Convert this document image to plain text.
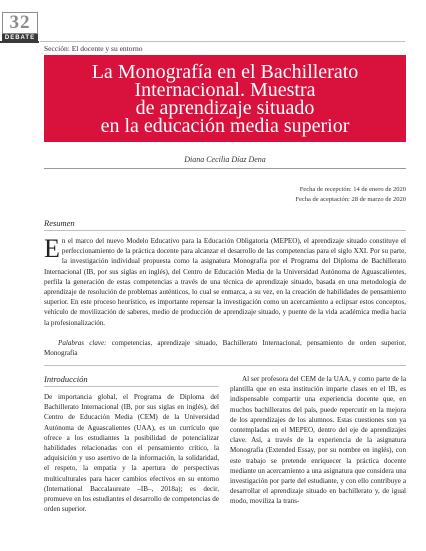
32
DEBATE
Sección: El docente y su entorno
La Monografía en el Bachillerato
Internacional. Muestra
de aprendizaje situado
en la educación media superior
Diana Cecilia Díaz Dena
Fecha de recepción: 14 de enero de 2020
Fecha de aceptación: 28 de marzo de 2020
Resumen

En el marco del nuevo Modelo Educativo para la Educación Obligatoria (MEPEO), el aprendizaje situado constituye el perfeccionamiento de la práctica docente para alcanzar el desarrollo de las competencias para el siglo XXI. Por su parte, la investigación individual propuesta como la asignatura Monografía por el Programa del Diploma de Bachillerato Internacional (IB, por sus siglas en inglés), del Centro de Educación Media de la Universidad Autónoma de Aguascalientes, perfila la generación de estas competencias a través de una técnica de aprendizaje situado, basada en una metodología de aprendizaje de resolución de problemas auténticos, lo cual se enmarca, a su vez, en la creación de habilidades de pensamiento superior. En este proceso heurístico, es importante repensar la investigación como un acercamiento a eclipsar estos conceptos, vehículo de movilización de saberes, medio de producción de aprendizaje situado, y puente de la vida académica media hacia la profesionalización.

Palabras clave: competencias, aprendizaje situado, Bachillerato Internacional, pensamiento de orden superior, Monografía

Introducción

De importancia global, el Programa de Diploma del Bachillerato Internacional (IB, por sus siglas en inglés), del Centro de Educación Media (CEM) de la Universidad Autónoma de Aguascalientes (UAA), es un currículo que ofrece a los estudiantes la posibilidad de potencializar habilidades relacionadas con el pensamiento crítico, la adquisición y uso asertivo de la información, la solidaridad, el respeto, la empatía y la apertura de perspectivas multiculturales para hacer cambios efectivos en su entorno (International Baccalaureate –IB–, 2018a); es decir, promueve en los estudiantes el desarrollo de competencias de orden superior.

Al ser profesora del CEM de la UAA, y como parte de la plantilla que en esta institución imparte clases en el IB, es indispensable compartir una experiencia docente que, en muchos bachilleratos del país, puede repercutir en la mejora de los aprendizajes de los alumnos. Estas cuestiones son ya contempladas en el MEPEO, dentro del eje de aprendizajes clave. Así, a través de la experiencia de la asignatura Monografía (Extended Essay, por su nombre en inglés), con este trabajo se pretende enriquecer la práctica docente mediante un acercamiento a una asignatura que considera una investigación por parte del estudiante, y con ello contribuye a desarrollar el aprendizaje situado en bachillerato y, de igual modo, moviliza la trans-
